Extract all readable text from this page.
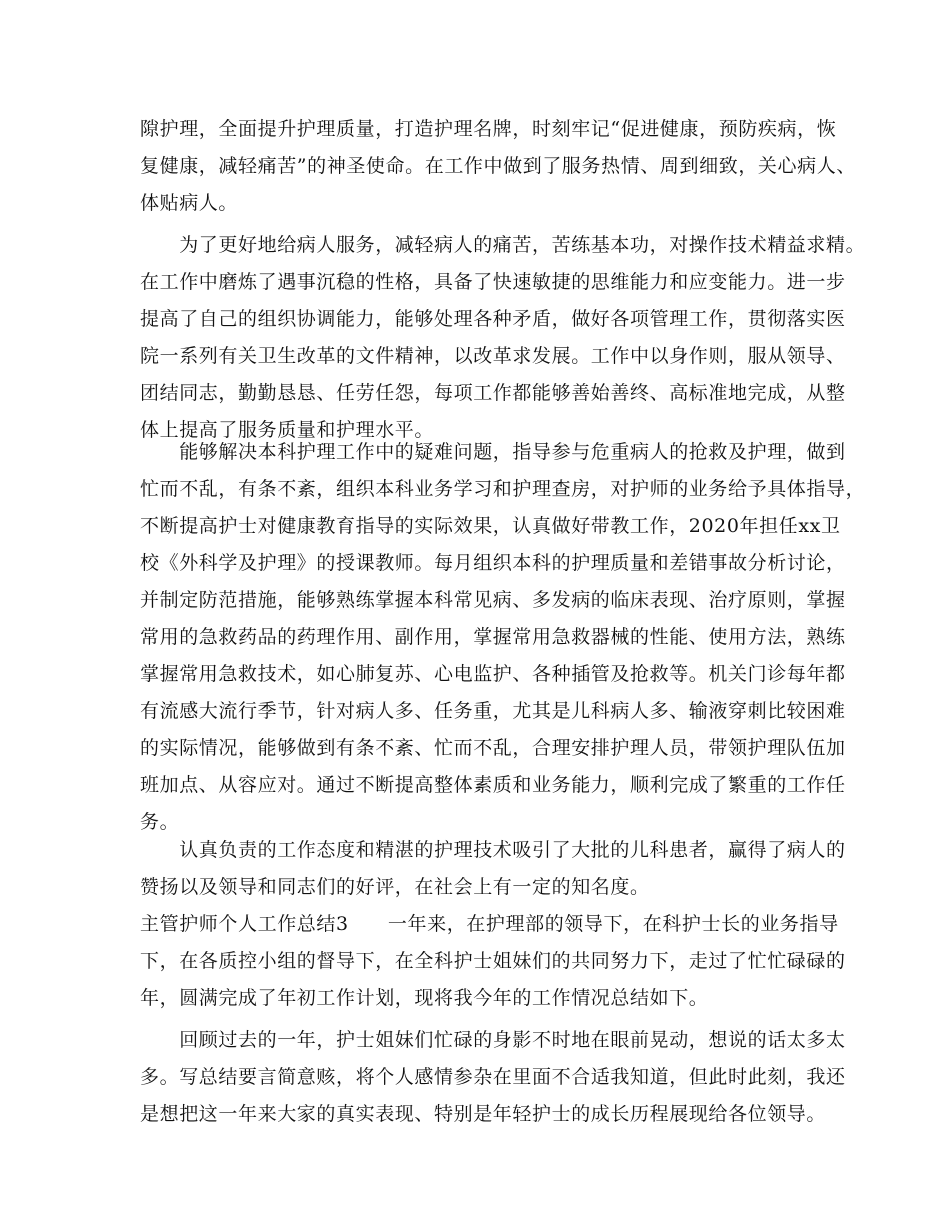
隙护理，全面提升护理质量，打造护理名牌，时刻牢记“促进健康，预防疾病，恢
复健康，减轻痛苦”的神圣使命。在工作中做到了服务热情、周到细致，关心病人、
体贴病人。
　　为了更好地给病人服务，减轻病人的痛苦，苦练基本功，对操作技术精益求精。
在工作中磨炼了遇事沉稳的性格，具备了快速敏捷的思维能力和应变能力。进一步
提高了自己的组织协调能力，能够处理各种矛盾，做好各项管理工作，贯彻落实医
院一系列有关卫生改革的文件精神，以改革求发展。工作中以身作则，服从领导、
团结同志，勤勤恳恳、任劳任怨，每项工作都能够善始善终、高标准地完成，从整
体上提高了服务质量和护理水平。
　　能够解决本科护理工作中的疑难问题，指导参与危重病人的抢救及护理，做到
忙而不乱，有条不紊，组织本科业务学习和护理查房，对护师的业务给予具体指导，
不断提高护士对健康教育指导的实际效果，认真做好带教工作，2020年担任xx卫
校《外科学及护理》的授课教师。每月组织本科的护理质量和差错事故分析讨论，
并制定防范措施，能够熟练掌握本科常见病、多发病的临床表现、治疗原则，掌握
常用的急救药品的药理作用、副作用，掌握常用急救器械的性能、使用方法，熟练
掌握常用急救技术，如心肺复苏、心电监护、各种插管及抢救等。机关门诊每年都
有流感大流行季节，针对病人多、任务重，尤其是儿科病人多、输液穿刺比较困难
的实际情况，能够做到有条不紊、忙而不乱，合理安排护理人员，带领护理队伍加
班加点、从容应对。通过不断提高整体素质和业务能力，顺利完成了繁重的工作任
务。
　　认真负责的工作态度和精湛的护理技术吸引了大批的儿科患者，赢得了病人的
赞扬以及领导和同志们的好评，在社会上有一定的知名度。
主管护师个人工作总结3　　一年来，在护理部的领导下，在科护士长的业务指导
下，在各质控小组的督导下，在全科护士姐妹们的共同努力下，走过了忙忙碌碌的
年，圆满完成了年初工作计划，现将我今年的工作情况总结如下。
　　回顾过去的一年，护士姐妹们忙碌的身影不时地在眼前晃动，想说的话太多太
多。写总结要言简意赅，将个人感情参杂在里面不合适我知道，但此时此刻，我还
是想把这一年来大家的真实表现、特别是年轻护士的成长历程展现给各位领导。
